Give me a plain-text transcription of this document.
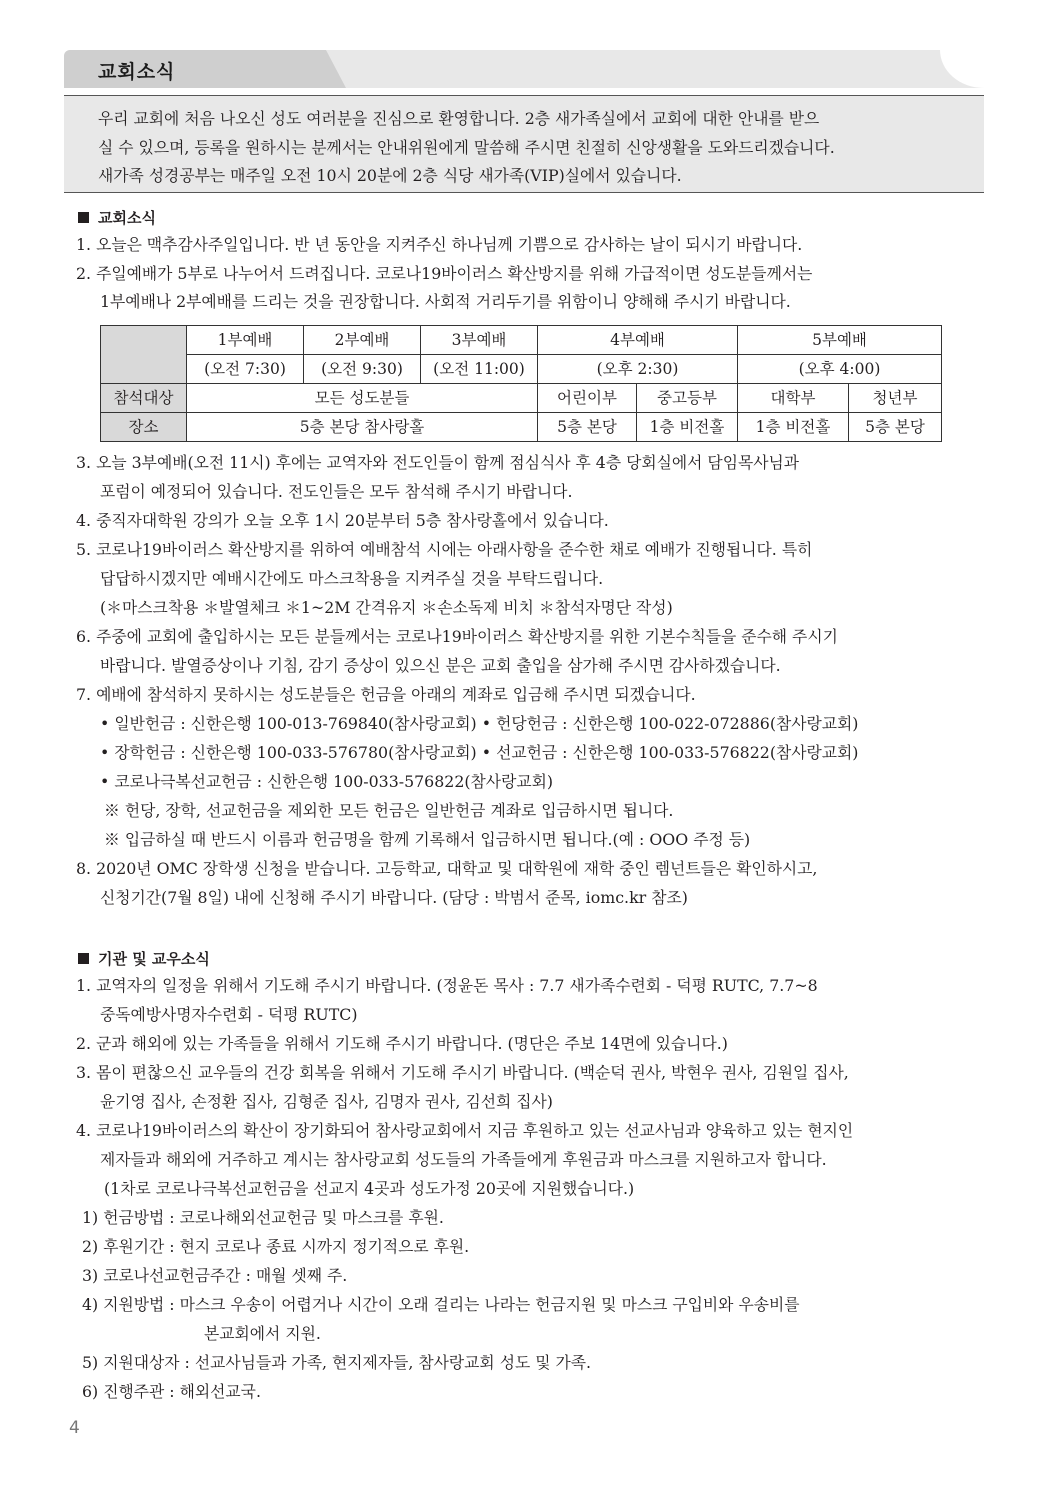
교회소식
우리 교회에 처음 나오신 성도 여러분을 진심으로 환영합니다. 2층 새가족실에서 교회에 대한 안내를 받으
실 수 있으며, 등록을 원하시는 분께서는 안내위원에게 말씀해 주시면 친절히 신앙생활을 도와드리겠습니다.
새가족 성경공부는 매주일 오전 10시 20분에 2층 식당 새가족(VIP)실에서 있습니다.
교회소식
1. 오늘은 맥추감사주일입니다. 반 년 동안을 지켜주신 하나님께 기쁨으로 감사하는 날이 되시기 바랍니다.
2. 주일예배가 5부로 나누어서 드려집니다. 코로나19바이러스 확산방지를 위해 가급적이면 성도분들께서는
1부예배나 2부예배를 드리는 것을 권장합니다. 사회적 거리두기를 위함이니 양해해 주시기 바랍니다.
	1부예배	2부예배	3부예배	4부예배		5부예배	
	(오전 7:30)	(오전 9:30)	(오전 11:00)	(오후 2:30)		(오후 4:00)	
참석대상	모든 성도분들			어린이부	중고등부	대학부	청년부
장소	5층 본당 참사랑홀			5층 본당	1층 비전홀	1층 비전홀	5층 본당
3. 오늘 3부예배(오전 11시) 후에는 교역자와 전도인들이 함께 점심식사 후 4층 당회실에서 담임목사님과
포럼이 예정되어 있습니다. 전도인들은 모두 참석해 주시기 바랍니다.
4. 중직자대학원 강의가 오늘 오후 1시 20분부터 5층 참사랑홀에서 있습니다.
5. 코로나19바이러스 확산방지를 위하여 예배참석 시에는 아래사항을 준수한 채로 예배가 진행됩니다. 특히
답답하시겠지만 예배시간에도 마스크착용을 지켜주실 것을 부탁드립니다.
(＊마스크착용 ＊발열체크 ＊1~2M 간격유지 ＊손소독제 비치 ＊참석자명단 작성)
6. 주중에 교회에 출입하시는 모든 분들께서는 코로나19바이러스 확산방지를 위한 기본수칙들을 준수해 주시기
바랍니다. 발열증상이나 기침, 감기 증상이 있으신 분은 교회 출입을 삼가해 주시면 감사하겠습니다.
7. 예배에 참석하지 못하시는 성도분들은 헌금을 아래의 계좌로 입금해 주시면 되겠습니다.
• 일반헌금 : 신한은행 100-013-769840(참사랑교회) • 헌당헌금 : 신한은행 100-022-072886(참사랑교회)
• 장학헌금 : 신한은행 100-033-576780(참사랑교회) • 선교헌금 : 신한은행 100-033-576822(참사랑교회)
• 코로나극복선교헌금 : 신한은행 100-033-576822(참사랑교회)
※ 헌당, 장학, 선교헌금을 제외한 모든 헌금은 일반헌금 계좌로 입금하시면 됩니다.
※ 입금하실 때 반드시 이름과 헌금명을 함께 기록해서 입금하시면 됩니다.(예 : OOO 주정 등)
8. 2020년 OMC 장학생 신청을 받습니다. 고등학교, 대학교 및 대학원에 재학 중인 렘넌트들은 확인하시고,
신청기간(7월 8일) 내에 신청해 주시기 바랍니다. (담당 : 박범서 준목, iomc.kr 참조)
기관 및 교우소식
1. 교역자의 일정을 위해서 기도해 주시기 바랍니다. (정윤돈 목사 : 7.7 새가족수련회 - 덕평 RUTC, 7.7~8
중독예방사명자수련회 - 덕평 RUTC)
2. 군과 해외에 있는 가족들을 위해서 기도해 주시기 바랍니다. (명단은 주보 14면에 있습니다.)
3. 몸이 편찮으신 교우들의 건강 회복을 위해서 기도해 주시기 바랍니다. (백순덕 권사, 박현우 권사, 김원일 집사,
윤기영 집사, 손정환 집사, 김형준 집사, 김명자 권사, 김선희 집사)
4. 코로나19바이러스의 확산이 장기화되어 참사랑교회에서 지금 후원하고 있는 선교사님과 양육하고 있는 현지인
제자들과 해외에 거주하고 계시는 참사랑교회 성도들의 가족들에게 후원금과 마스크를 지원하고자 합니다.
(1차로 코로나극복선교헌금을 선교지 4곳과 성도가정 20곳에 지원했습니다.)
1) 헌금방법 : 코로나해외선교헌금 및 마스크를 후원.
2) 후원기간 : 현지 코로나 종료 시까지 정기적으로 후원.
3) 코로나선교헌금주간 : 매월 셋째 주.
4) 지원방법 : 마스크 우송이 어렵거나 시간이 오래 걸리는 나라는 헌금지원 및 마스크 구입비와 우송비를
본교회에서 지원.
5) 지원대상자 : 선교사님들과 가족, 현지제자들, 참사랑교회 성도 및 가족.
6) 진행주관 : 해외선교국.
4
